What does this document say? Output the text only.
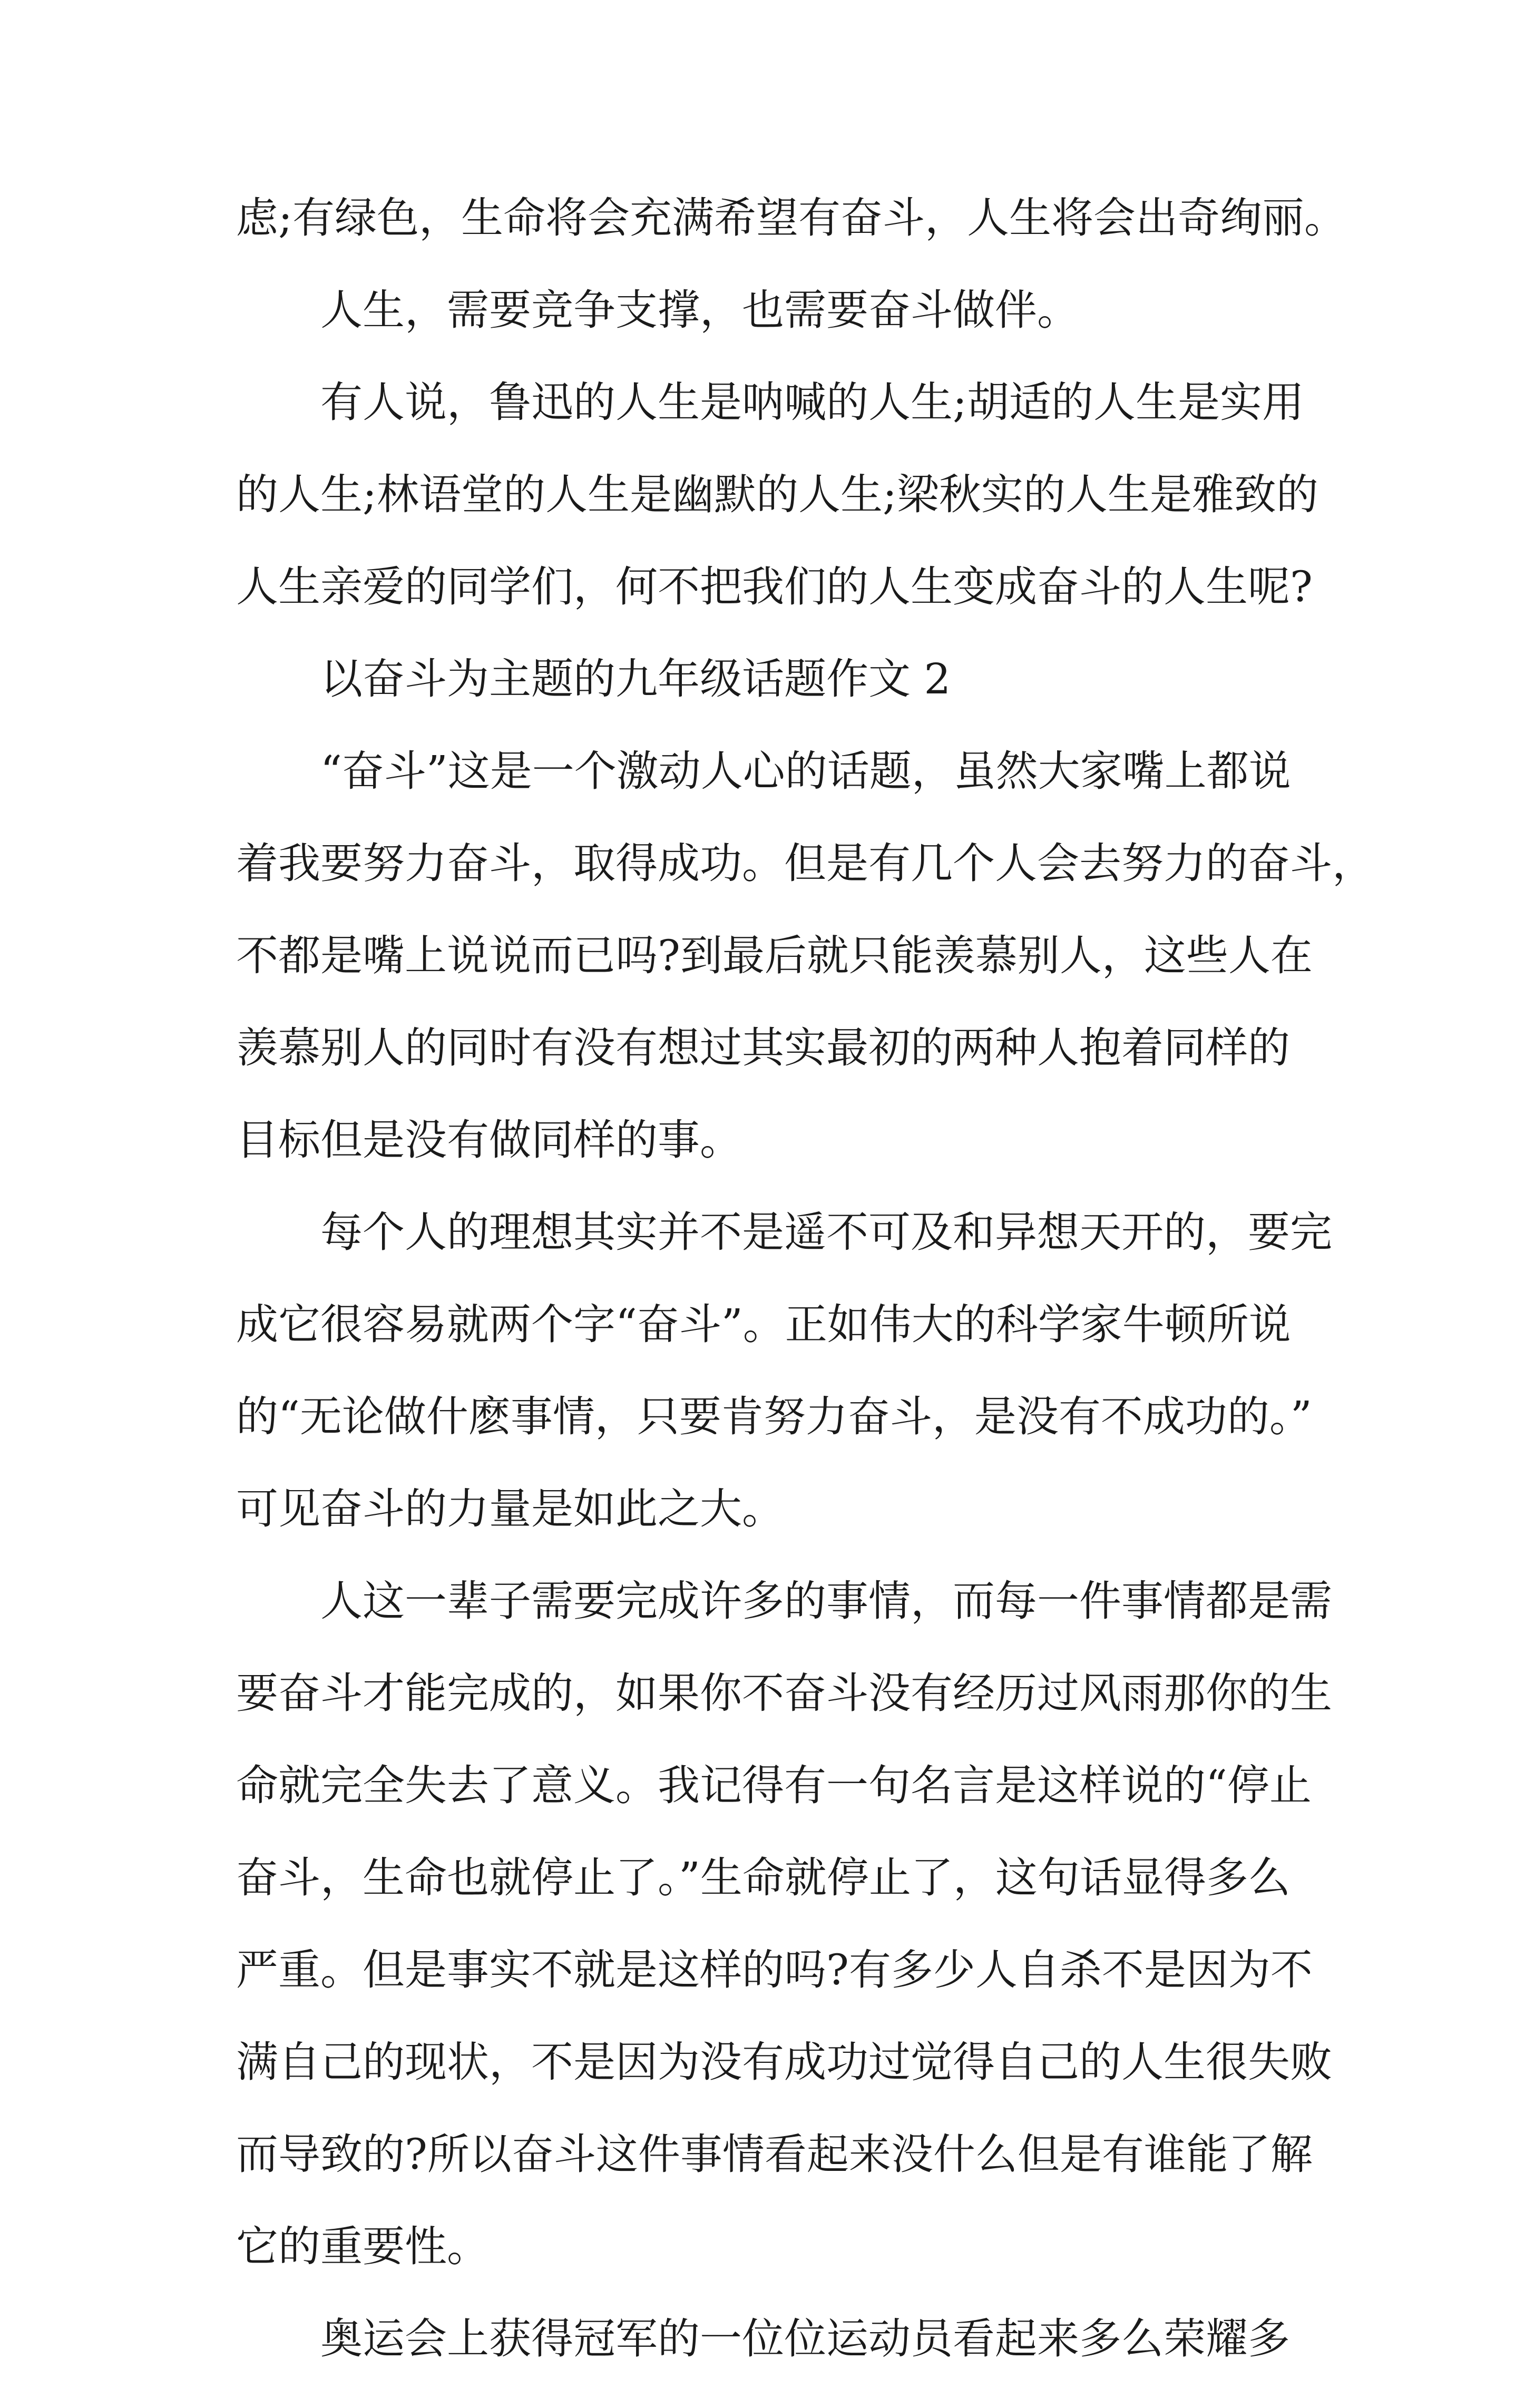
虑;有绿色，生命将会充满希望有奋斗，人生将会出奇绚丽。
人生，需要竞争支撑，也需要奋斗做伴。
有人说，鲁迅的人生是呐喊的人生;胡适的人生是实用
的人生;林语堂的人生是幽默的人生;梁秋实的人生是雅致的
人生亲爱的同学们，何不把我们的人生变成奋斗的人生呢?
以奋斗为主题的九年级话题作文 2
“奋斗”这是一个激动人心的话题，虽然大家嘴上都说
着我要努力奋斗，取得成功。但是有几个人会去努力的奋斗，
不都是嘴上说说而已吗?到最后就只能羡慕别人，这些人在
羡慕别人的同时有没有想过其实最初的两种人抱着同样的
目标但是没有做同样的事。
每个人的理想其实并不是遥不可及和异想天开的，要完
成它很容易就两个字“奋斗”。正如伟大的科学家牛顿所说
的“无论做什麽事情，只要肯努力奋斗，是没有不成功的。”
可见奋斗的力量是如此之大。
人这一辈子需要完成许多的事情，而每一件事情都是需
要奋斗才能完成的，如果你不奋斗没有经历过风雨那你的生
命就完全失去了意义。我记得有一句名言是这样说的“停止
奋斗，生命也就停止了。”生命就停止了，这句话显得多么
严重。但是事实不就是这样的吗?有多少人自杀不是因为不
满自己的现状，不是因为没有成功过觉得自己的人生很失败
而导致的?所以奋斗这件事情看起来没什么但是有谁能了解
它的重要性。
奥运会上获得冠军的一位位运动员看起来多么荣耀多
